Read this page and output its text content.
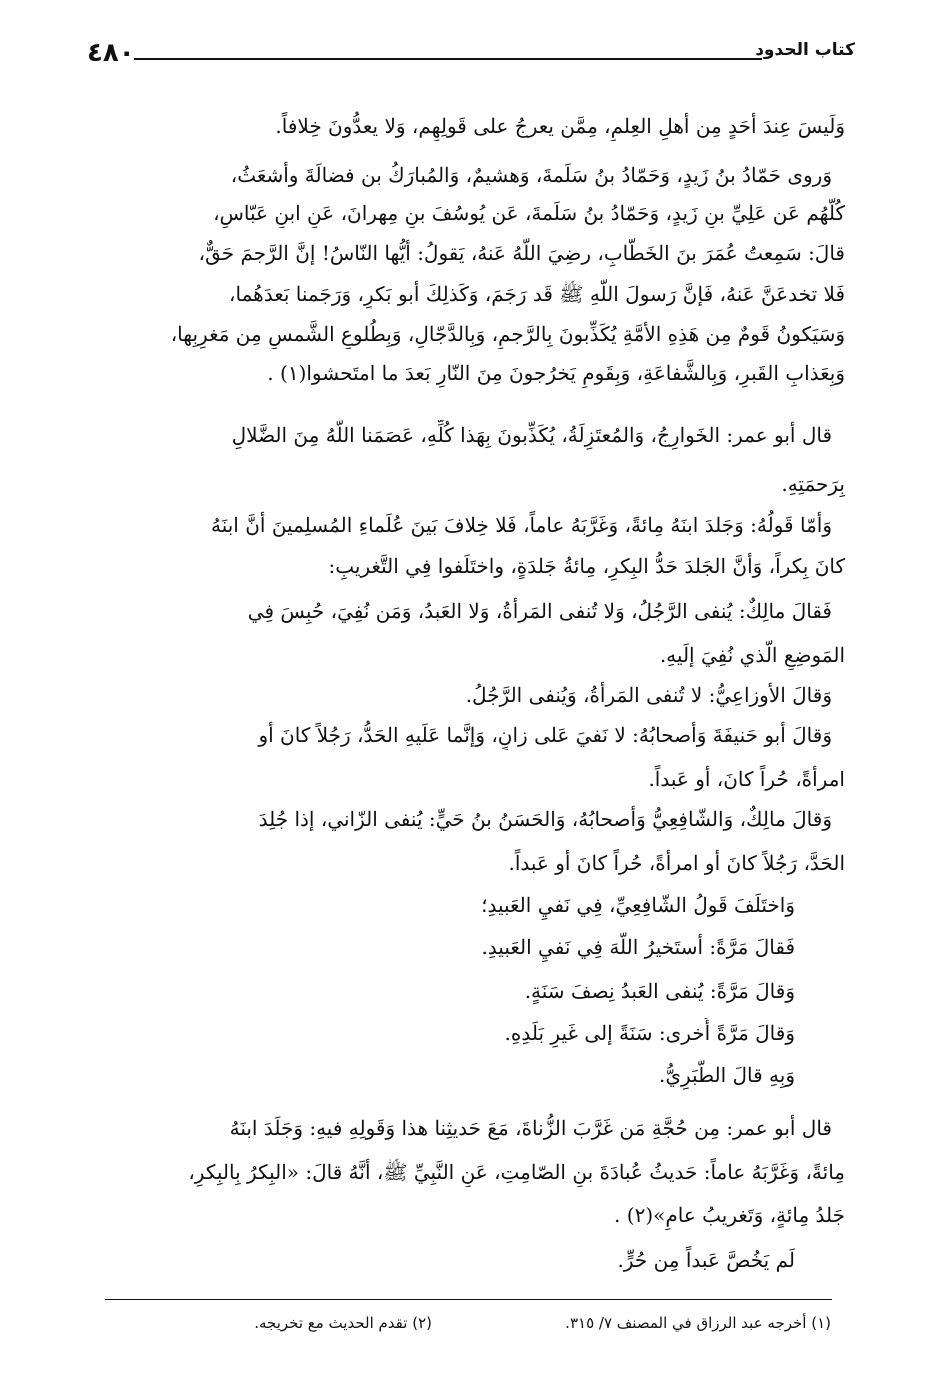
٤٨٠	كتاب الحدود
وَلَيسَ عِندَ أحَدٍ مِن أهلِ العِلمِ، مِمَّن يعرجُ على قَولِهِم، وَلا يعدُّونَ خِلافاً.
وَروى حَمّادُ بنُ زَيدٍ، وَحَمّادُ بنُ سَلَمةَ، وَهشيمٌ، وَالمُبارَكُ بن فضالَةَ وأشعَثُ،
كُلُّهُم عَن عَلِيِّ بنِ زَيدٍ، وَحَمّادُ بنُ سَلَمةَ، عَن يُوسُفَ بنِ مِهرانَ، عَنِ ابنِ عَبّاسٍ،
قالَ: سَمِعتُ عُمَرَ بنَ الخَطّابِ، رضِيَ اللّهُ عَنهُ، يَقولُ: أيُّها النّاسُ! إنَّ الرَّجمَ حَقٌّ،
فَلا تخدعَنَّ عَنهُ، فَإنَّ رَسولَ اللّهِ ﷺ قَد رَجَمَ، وَكَذلِكَ أبو بَكرٍ، وَرَجَمنا بَعدَهُما،
وَسَيَكونُ قَومٌ مِن هَذِهِ الأمَّةِ يُكَذِّبونَ بِالرَّجمِ، وَبِالدَّجّالِ، وَبِطُلوعِ الشَّمسِ مِن مَغرِبِها،
وَبِعَذابِ القَبرِ، وَبِالشَّفاعَةِ، وَبِقَومٍ يَخرُجونَ مِنَ النّارِ بَعدَ ما امتَحشوا(١) .
قال أبو عمر: الخَوارِجُ، وَالمُعتَزِلَةُ، يُكَذِّبونَ بِهَذا كُلِّهِ، عَصَمَنا اللّهُ مِنَ الضَّلالِ
بِرَحمَتِهِ.
وَأمّا قَولُهُ: وَجَلدَ ابنَهُ مِائةً، وَغَرَّبَهُ عاماً، فَلا خِلافَ بَينَ عُلَماءِ المُسلِمينَ أنَّ ابنَهُ
كانَ بِكراً، وَأنَّ الجَلدَ حَدُّ البِكرِ، مِائةُ جَلدَةٍ، واختَلَفوا فِي التَّغريبِ:
فَقالَ مالِكٌ: يُنفى الرَّجُلُ، وَلا تُنفى المَرأةُ، وَلا العَبدُ، وَمَن نُفِيَ، حُبِسَ فِي
المَوضِعِ الَّذي نُفِيَ إلَيهِ.
وَقالَ الأوزاعِيُّ: لا تُنفى المَرأةُ، وَيُنفى الرَّجُلُ.
وَقالَ أبو حَنيفَةَ وَأصحابُهُ: لا نَفيَ عَلى زانٍ، وَإنَّما عَلَيهِ الحَدُّ، رَجُلاً كانَ أو
امرأةً، حُراً كانَ، أو عَبداً.
وَقالَ مالِكٌ، وَالشّافِعِيُّ وَأصحابُهُ، وَالحَسَنُ بنُ حَيٍّ: يُنفى الزّاني، إذا جُلِدَ
الحَدَّ، رَجُلاً كانَ أو امرأةً، حُراً كانَ أو عَبداً.
وَاختَلَفَ قَولُ الشّافِعِيِّ، فِي نَفيِ العَبيدِ؛
فَقالَ مَرَّةً: أستَخيرُ اللّهَ فِي نَفيِ العَبيدِ.
وَقالَ مَرَّةً: يُنفى العَبدُ نِصفَ سَنَةٍ.
وَقالَ مَرَّةً أُخرى: سَنَةً إلى غَيرِ بَلَدِهِ.
وَبِهِ قالَ الطَّبَرِيُّ.
قال أبو عمر: مِن حُجَّةِ مَن غَرَّبَ الزُّناةَ، مَعَ حَديثِنا هذا وَقَولِهِ فيهِ: وَجَلَدَ ابنَهُ
مِائةً، وَغَرَّبَهُ عاماً: حَديثُ عُبادَةَ بنِ الصّامِتِ، عَنِ النَّبِيِّ ﷺ، أنَّهُ قالَ: «البِكرُ بِالبِكرِ،
جَلدُ مِائةٍ، وَتَغريبُ عامٍ»(٢) .
لَم يَخُصَّ عَبداً مِن حُرٍّ.
(١) أخرجه عبد الرزاق في المصنف ٧/ ٣١٥.
(٢) تقدم الحديث مع تخريجه.
